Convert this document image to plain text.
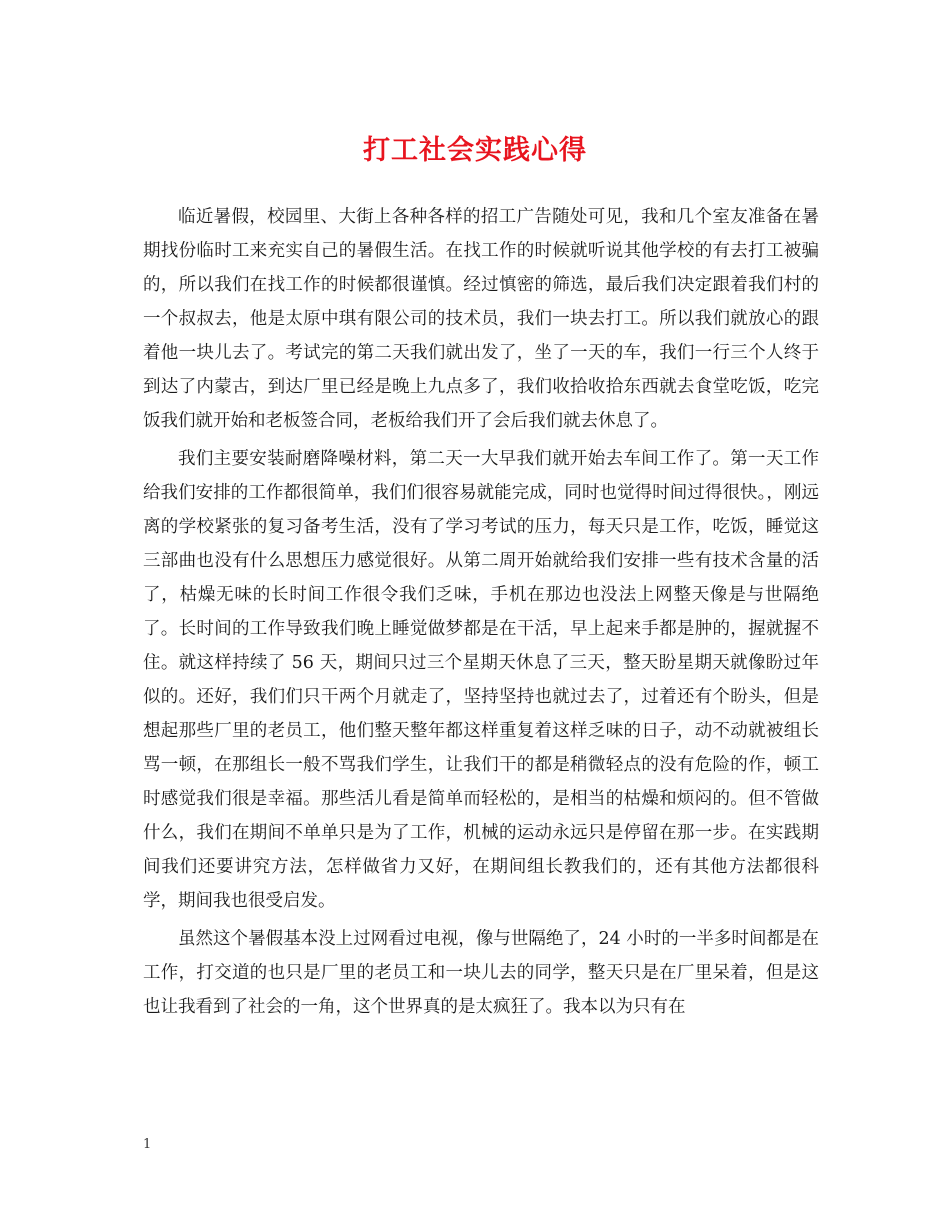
打工社会实践心得

临近暑假，校园里、大街上各种各样的招工广告随处可见，我和几个室友准备在暑期找份临时工来充实自己的暑假生活。在找工作的时候就听说其他学校的有去打工被骗的，所以我们在找工作的时候都很谨慎。经过慎密的筛选，最后我们决定跟着我们村的一个叔叔去，他是太原中琪有限公司的技术员，我们一块去打工。所以我们就放心的跟着他一块儿去了。考试完的第二天我们就出发了，坐了一天的车，我们一行三个人终于到达了内蒙古，到达厂里已经是晚上九点多了，我们收拾收拾东西就去食堂吃饭，吃完饭我们就开始和老板签合同，老板给我们开了会后我们就去休息了。

我们主要安装耐磨降噪材料，第二天一大早我们就开始去车间工作了。第一天工作给我们安排的工作都很简单，我们们很容易就能完成，同时也觉得时间过得很快。，刚远离的学校紧张的复习备考生活，没有了学习考试的压力，每天只是工作，吃饭，睡觉这三部曲也没有什么思想压力感觉很好。从第二周开始就给我们安排一些有技术含量的活了，枯燥无味的长时间工作很令我们乏味，手机在那边也没法上网整天像是与世隔绝了。长时间的工作导致我们晚上睡觉做梦都是在干活，早上起来手都是肿的，握就握不住。就这样持续了 56 天，期间只过三个星期天休息了三天，整天盼星期天就像盼过年似的。还好，我们们只干两个月就走了，坚持坚持也就过去了，过着还有个盼头，但是想起那些厂里的老员工，他们整天整年都这样重复着这样乏味的日子，动不动就被组长骂一顿，在那组长一般不骂我们学生，让我们干的都是稍微轻点的没有危险的作，顿工时感觉我们很是幸福。那些活儿看是简单而轻松的，是相当的枯燥和烦闷的。但不管做什么，我们在期间不单单只是为了工作，机械的运动永远只是停留在那一步。在实践期间我们还要讲究方法，怎样做省力又好，在期间组长教我们的，还有其他方法都很科学，期间我也很受启发。

虽然这个暑假基本没上过网看过电视，像与世隔绝了，24 小时的一半多时间都是在工作，打交道的也只是厂里的老员工和一块儿去的同学，整天只是在厂里呆着，但是这也让我看到了社会的一角，这个世界真的是太疯狂了。我本以为只有在

1
